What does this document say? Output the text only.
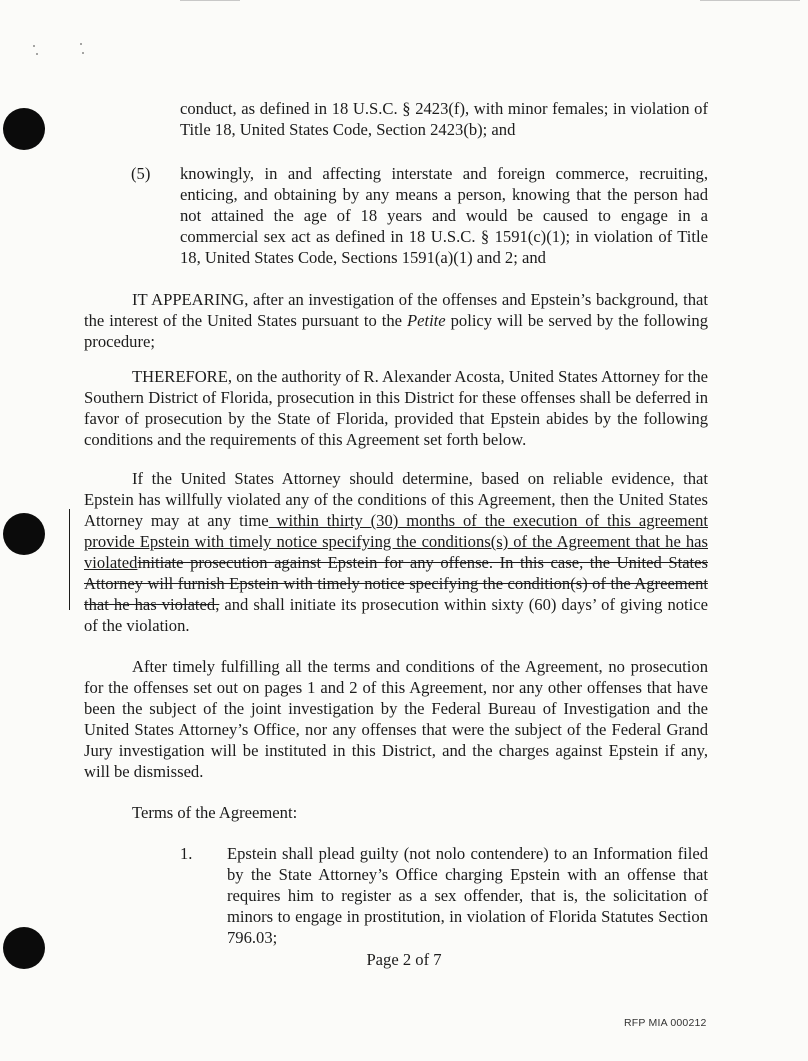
conduct, as defined in 18 U.S.C. § 2423(f), with minor females; in violation of Title 18, United States Code, Section 2423(b); and

(5) knowingly, in and affecting interstate and foreign commerce, recruiting, enticing, and obtaining by any means a person, knowing that the person had not attained the age of 18 years and would be caused to engage in a commercial sex act as defined in 18 U.S.C. § 1591(c)(1); in violation of Title 18, United States Code, Sections 1591(a)(1) and 2; and

IT APPEARING, after an investigation of the offenses and Epstein’s background, that the interest of the United States pursuant to the Petite policy will be served by the following procedure;

THEREFORE, on the authority of R. Alexander Acosta, United States Attorney for the Southern District of Florida, prosecution in this District for these offenses shall be deferred in favor of prosecution by the State of Florida, provided that Epstein abides by the following conditions and the requirements of this Agreement set forth below.

If the United States Attorney should determine, based on reliable evidence, that Epstein has willfully violated any of the conditions of this Agreement, then the United States Attorney may at any time within thirty (30) months of the execution of this agreement provide Epstein with timely notice specifying the conditions(s) of the Agreement that he has violatedinitiate prosecution against Epstein for any offense. In this case, the United States Attorney will furnish Epstein with timely notice specifying the condition(s) of the Agreement that he has violated, and shall initiate its prosecution within sixty (60) days’ of giving notice of the violation.

After timely fulfilling all the terms and conditions of the Agreement, no prosecution for the offenses set out on pages 1 and 2 of this Agreement, nor any other offenses that have been the subject of the joint investigation by the Federal Bureau of Investigation and the United States Attorney’s Office, nor any offenses that were the subject of the Federal Grand Jury investigation will be instituted in this District, and the charges against Epstein if any, will be dismissed.

Terms of the Agreement:

1. Epstein shall plead guilty (not nolo contendere) to an Information filed by the State Attorney’s Office charging Epstein with an offense that requires him to register as a sex offender, that is, the solicitation of minors to engage in prostitution, in violation of Florida Statutes Section 796.03;

Page 2 of 7
RFP MIA 000212
